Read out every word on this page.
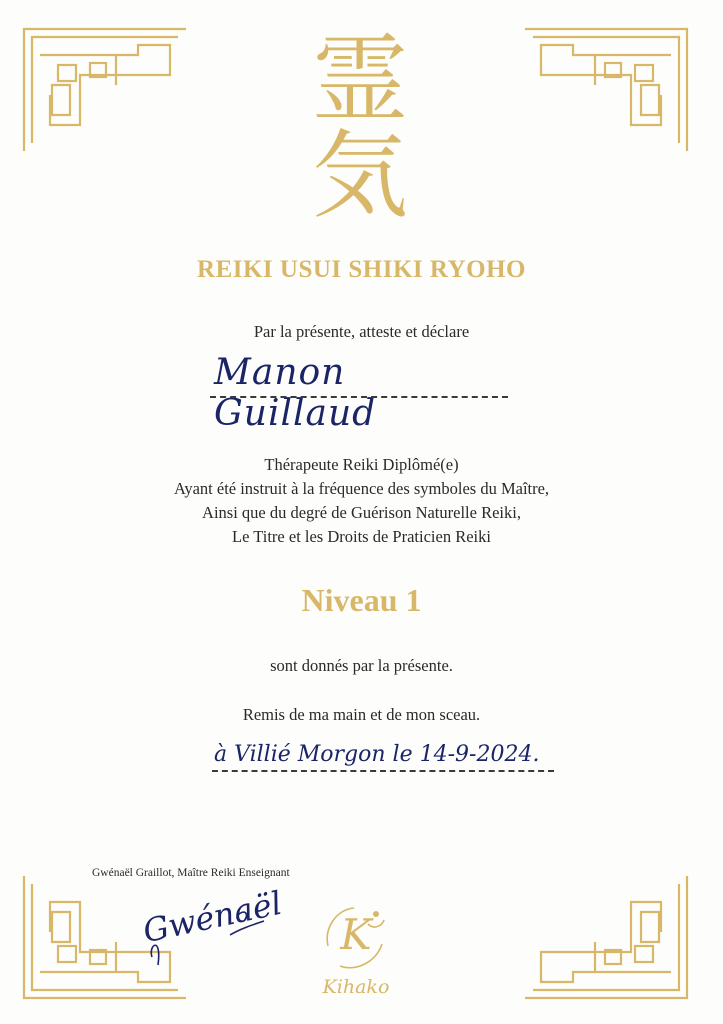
霊
気
REIKI USUI SHIKI RYOHO
Par la présente, atteste et déclare
Manon Guillaud
Thérapeute Reiki Diplômé(e)
Ayant été instruit à la fréquence des symboles du Maître,
Ainsi que du degré de Guérison Naturelle Reiki,
Le Titre et les Droits de Praticien Reiki
Niveau 1
sont donnés par la présente.
Remis de ma main et de mon sceau.
à Villié Morgon le 14-9-2024.
Gwénaël Graillot, Maître Reiki Enseignant
Gwénaël K
Kihako
